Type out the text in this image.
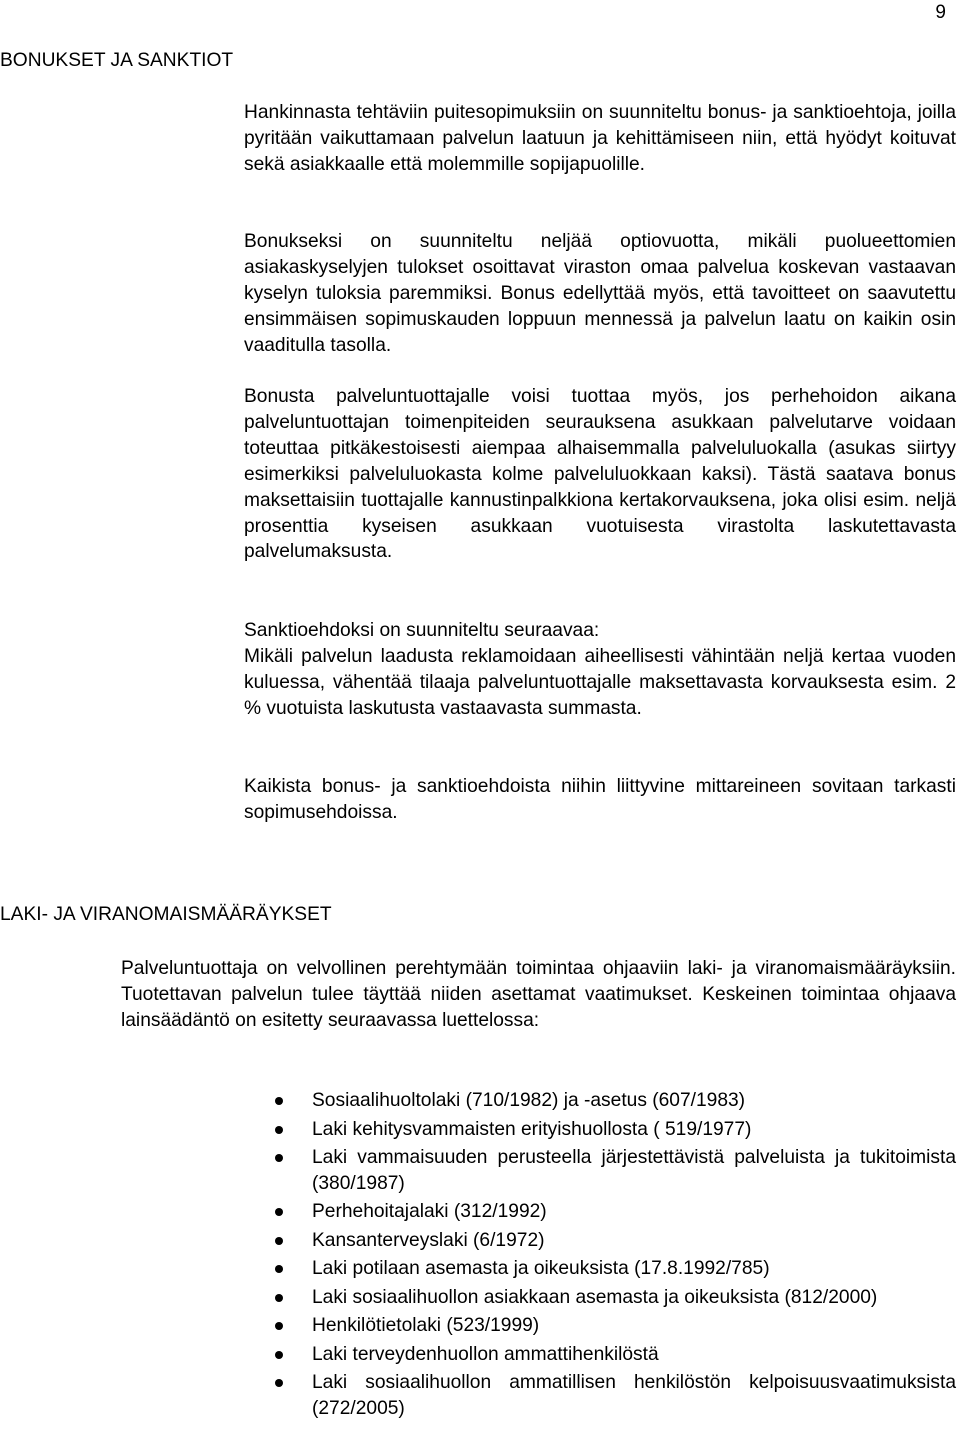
9
BONUKSET JA SANKTIOT

Hankinnasta tehtäviin puitesopimuksiin on suunniteltu bonus- ja sanktioehtoja, joilla pyritään vaikuttamaan palvelun laatuun ja kehittämiseen niin, että hyödyt koituvat sekä asiakkaalle että molemmille sopijapuolille.

Bonukseksi on suunniteltu neljää optiovuotta, mikäli puolueettomien asiakaskyselyjen tulokset osoittavat viraston omaa palvelua koskevan vastaavan kyselyn tuloksia paremmiksi. Bonus edellyttää myös, että tavoitteet on saavutettu ensimmäisen sopimuskauden loppuun mennessä ja palvelun laatu on kaikin osin vaaditulla tasolla.

Bonusta palveluntuottajalle voisi tuottaa myös, jos perhehoidon aikana palveluntuottajan toimenpiteiden seurauksena asukkaan palvelutarve voidaan toteuttaa pitkäkestoisesti aiempaa alhaisemmalla palveluluokalla (asukas siirtyy esimerkiksi palveluluokasta kolme palveluluokkaan kaksi). Tästä saatava bonus maksettaisiin tuottajalle kannustinpalkkiona kertakorvauksena, joka olisi esim. neljä prosenttia kyseisen asukkaan vuotuisesta virastolta laskutettavasta palvelumaksusta.

Sanktioehdoksi on suunniteltu seuraavaa:

Mikäli palvelun laadusta reklamoidaan aiheellisesti vähintään neljä kertaa vuoden kuluessa, vähentää tilaaja palveluntuottajalle maksettavasta korvauksesta esim. 2 % vuotuista laskutusta vastaavasta summasta.

Kaikista bonus- ja sanktioehdoista niihin liittyvine mittareineen sovitaan tarkasti sopimusehdoissa.

LAKI- JA VIRANOMAISMÄÄRÄYKSET

Palveluntuottaja on velvollinen perehtymään toimintaa ohjaaviin laki- ja viranomaismääräyksiin. Tuotettavan palvelun tulee täyttää niiden asettamat vaatimukset. Keskeinen toimintaa ohjaava lainsäädäntö on esitetty seuraavassa luettelossa:

Sosiaalihuoltolaki (710/1982) ja -asetus (607/1983)
Laki kehitysvammaisten erityishuollosta ( 519/1977)
Laki vammaisuuden perusteella järjestettävistä palveluista ja tukitoimista (380/1987)
Perhehoitajalaki (312/1992)
Kansanterveyslaki (6/1972)
Laki potilaan asemasta ja oikeuksista (17.8.1992/785)
Laki sosiaalihuollon asiakkaan asemasta ja oikeuksista (812/2000)
Henkilötietolaki (523/1999)
Laki terveydenhuollon ammattihenkilöstä
Laki sosiaalihuollon ammatillisen henkilöstön kelpoisuusvaatimuksista (272/2005)
